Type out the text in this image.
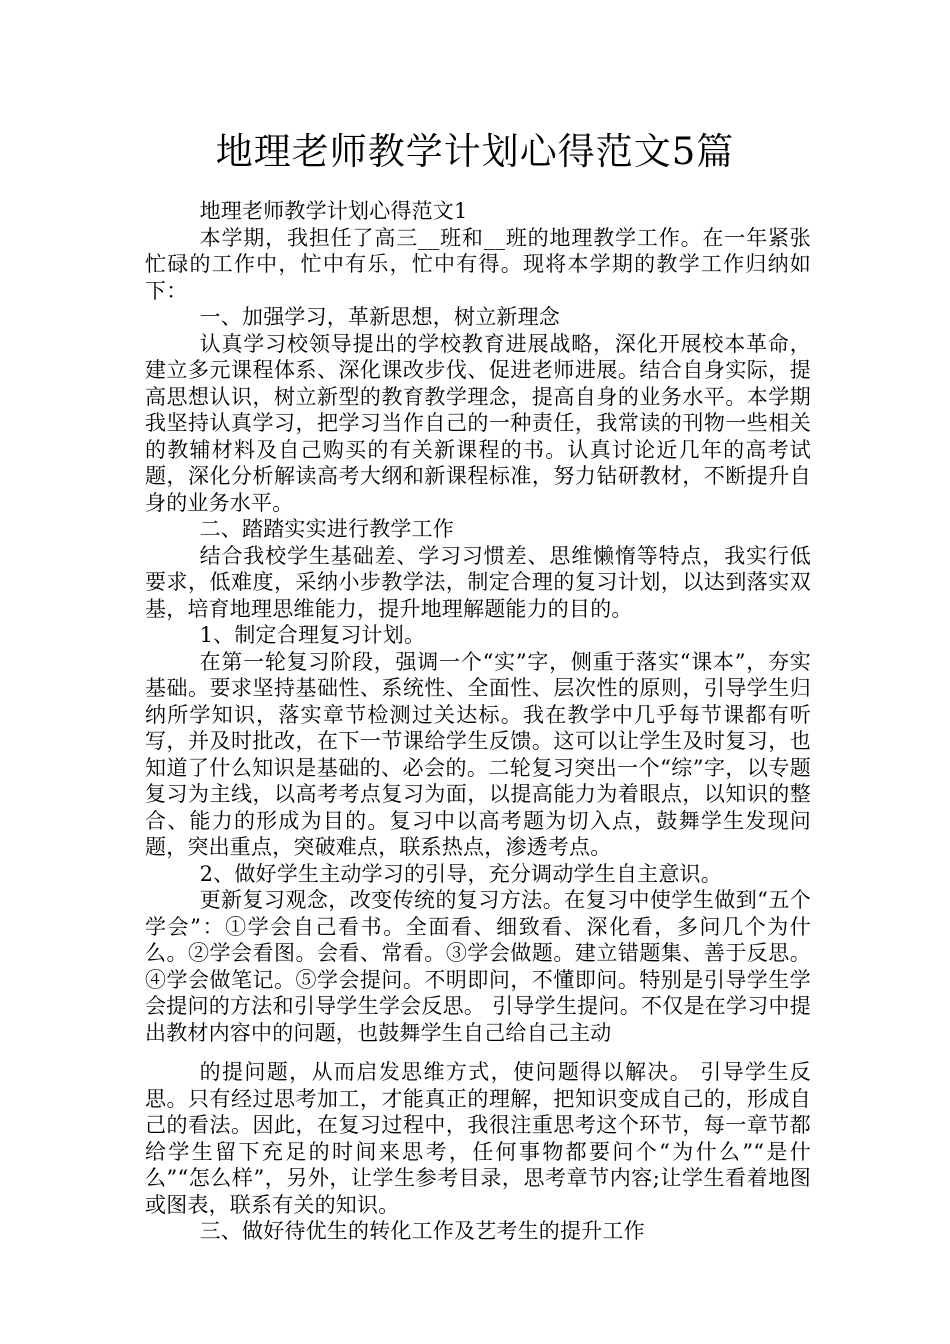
地理老师教学计划心得范文5篇

地理老师教学计划心得范文1

本学期，我担任了高三__班和__班的地理教学工作。在一年紧张忙碌的工作中，忙中有乐，忙中有得。现将本学期的教学工作归纳如下：

一、加强学习，革新思想，树立新理念

认真学习校领导提出的学校教育进展战略，深化开展校本革命，建立多元课程体系、深化课改步伐、促进老师进展。结合自身实际，提高思想认识，树立新型的教育教学理念，提高自身的业务水平。本学期我坚持认真学习，把学习当作自己的一种责任，我常读的刊物一些相关的教辅材料及自己购买的有关新课程的书。认真讨论近几年的高考试题，深化分析解读高考大纲和新课程标准，努力钻研教材，不断提升自身的业务水平。

二、踏踏实实进行教学工作

结合我校学生基础差、学习习惯差、思维懒惰等特点，我实行低要求，低难度，采纳小步教学法，制定合理的复习计划，以达到落实双基，培育地理思维能力，提升地理解题能力的目的。

1、制定合理复习计划。

在第一轮复习阶段，强调一个“实”字，侧重于落实“课本”，夯实基础。要求坚持基础性、系统性、全面性、层次性的原则，引导学生归纳所学知识，落实章节检测过关达标。我在教学中几乎每节课都有听写，并及时批改，在下一节课给学生反馈。这可以让学生及时复习，也知道了什么知识是基础的、必会的。二轮复习突出一个“综”字，以专题复习为主线，以高考考点复习为面，以提高能力为着眼点，以知识的整合、能力的形成为目的。复习中以高考题为切入点，鼓舞学生发现问题，突出重点，突破难点，联系热点，渗透考点。

2、做好学生主动学习的引导，充分调动学生自主意识。

更新复习观念，改变传统的复习方法。在复习中使学生做到“五个学会”：①学会自己看书。全面看、细致看、深化看，多问几个为什么。②学会看图。会看、常看。③学会做题。建立错题集、善于反思。④学会做笔记。⑤学会提问。不明即问，不懂即问。特别是引导学生学会提问的方法和引导学生学会反思。 引导学生提问。不仅是在学习中提出教材内容中的问题，也鼓舞学生自己给自己主动

的提问题，从而启发思维方式，使问题得以解决。 引导学生反思。只有经过思考加工，才能真正的理解，把知识变成自己的，形成自己的看法。因此，在复习过程中，我很注重思考这个环节，每一章节都给学生留下充足的时间来思考，任何事物都要问个“为什么”“是什么”“怎么样”，另外，让学生参考目录，思考章节内容;让学生看着地图或图表，联系有关的知识。

三、做好待优生的转化工作及艺考生的提升工作
